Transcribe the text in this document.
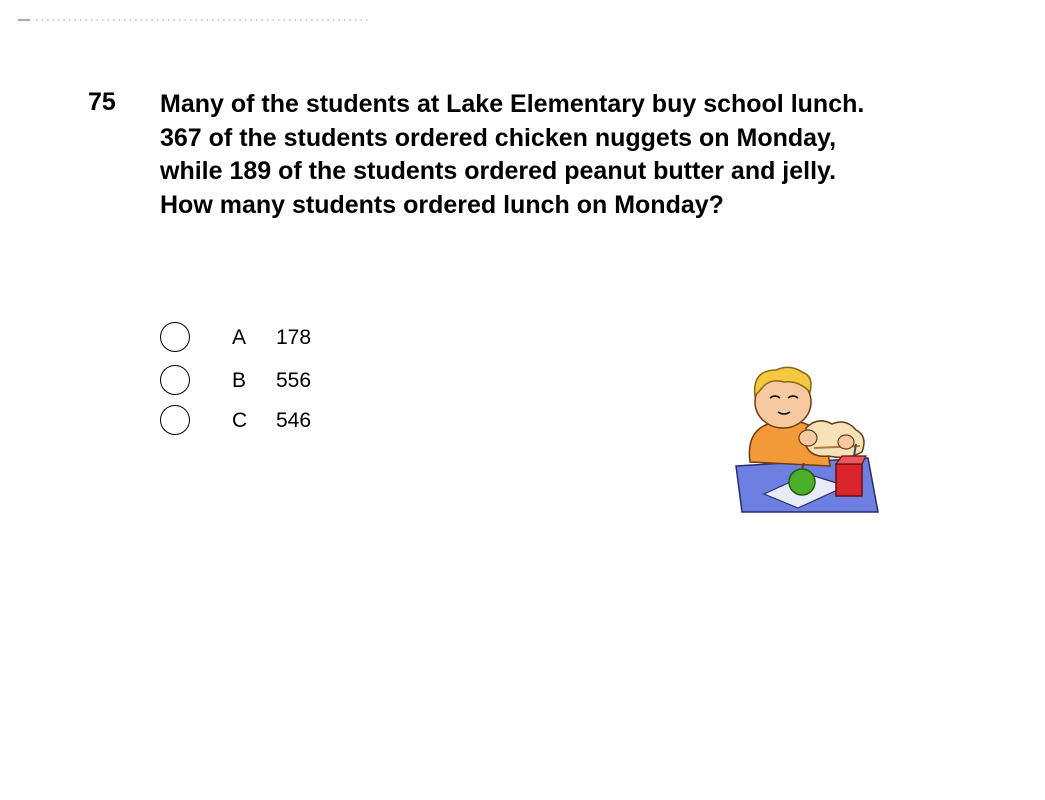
75 Many of the students at Lake Elementary buy school lunch.
367 of the students ordered chicken nuggets on Monday,
while 189 of the students ordered peanut butter and jelly.
How many students ordered lunch on Monday?
A 178
B 556
C 546
